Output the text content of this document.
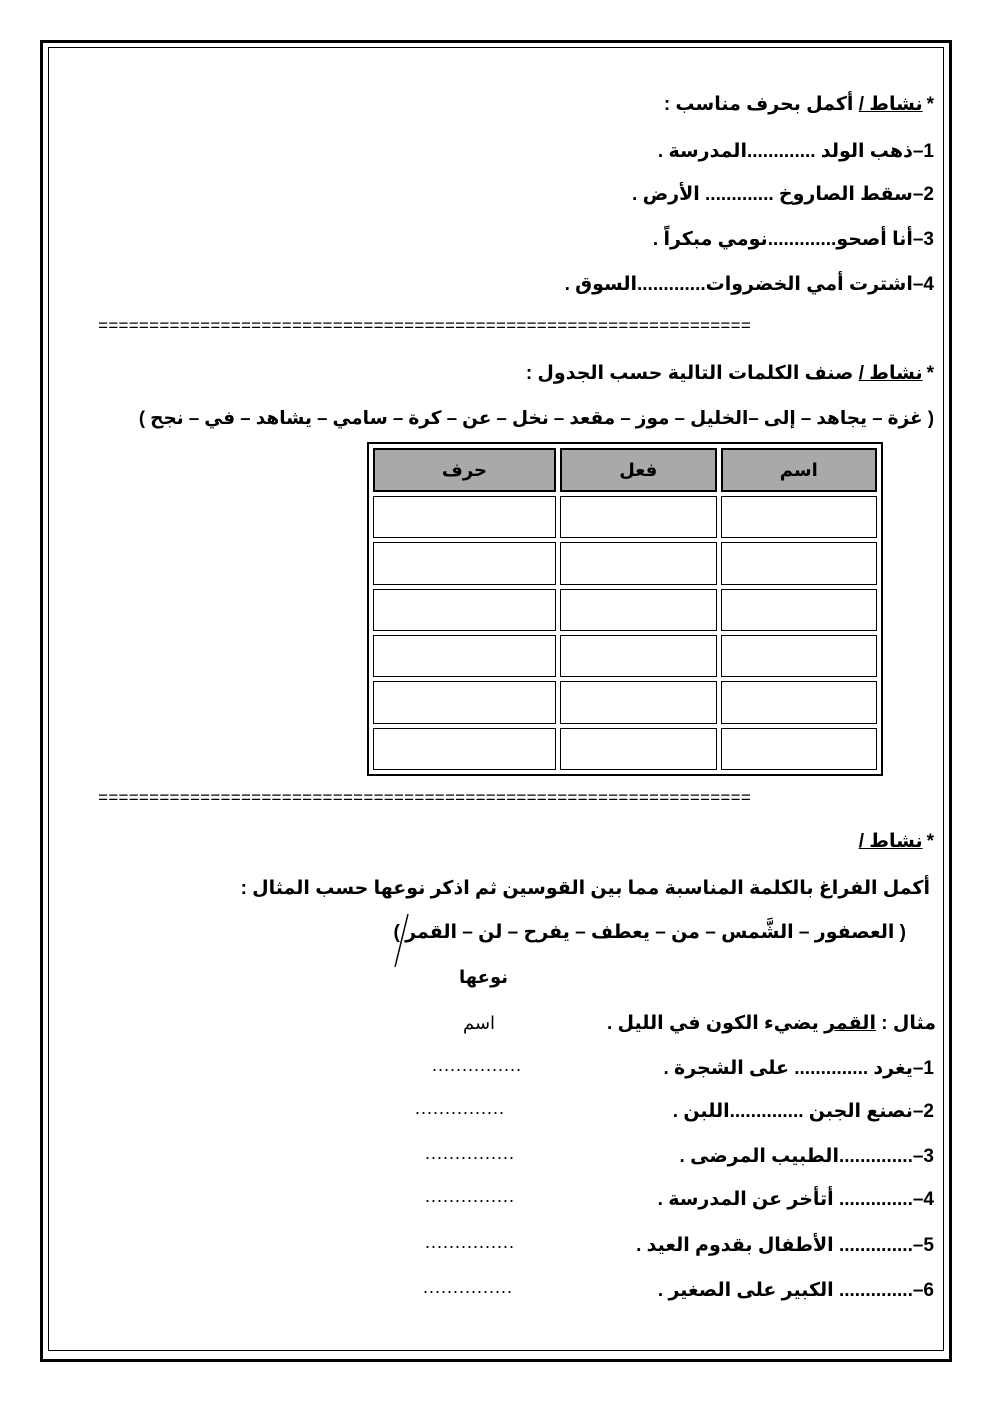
*نشاط / أكمل بحرف مناسب :
1–ذهب الولد .............المدرسة .
2–سقط الصاروخ ............. الأرض .
3–أنا أصحو.............نومي مبكراً .
4–اشترت أمي الخضروات.............السوق .
================================================================
*نشاط / صنف الكلمات التالية حسب الجدول :
( غزة – يجاهد – إلى –الخليل – موز – مقعد – نخل – عن – كرة – سامي – يشاهد – في – نجح )
اسم	فعل	حرف

================================================================
*نشاط /
أكمل الفراغ بالكلمة المناسبة مما بين القوسين ثم اذكر نوعها حسب المثال :
( العصفور – الشَّمس – من – يعطف – يفرح – لن – القمر )
نوعها
مثال : القمر يضيء الكون في الليل .
اسم
1–يغرد .............. على الشجرة .
...............
2–نصنع الجبن ..............اللبن .
...............
3–..............الطبيب المرضى .
...............
4–.............. أتأخر عن المدرسة .
...............
5–.............. الأطفال بقدوم العيد .
...............
6–.............. الكبير على الصغير .
...............
